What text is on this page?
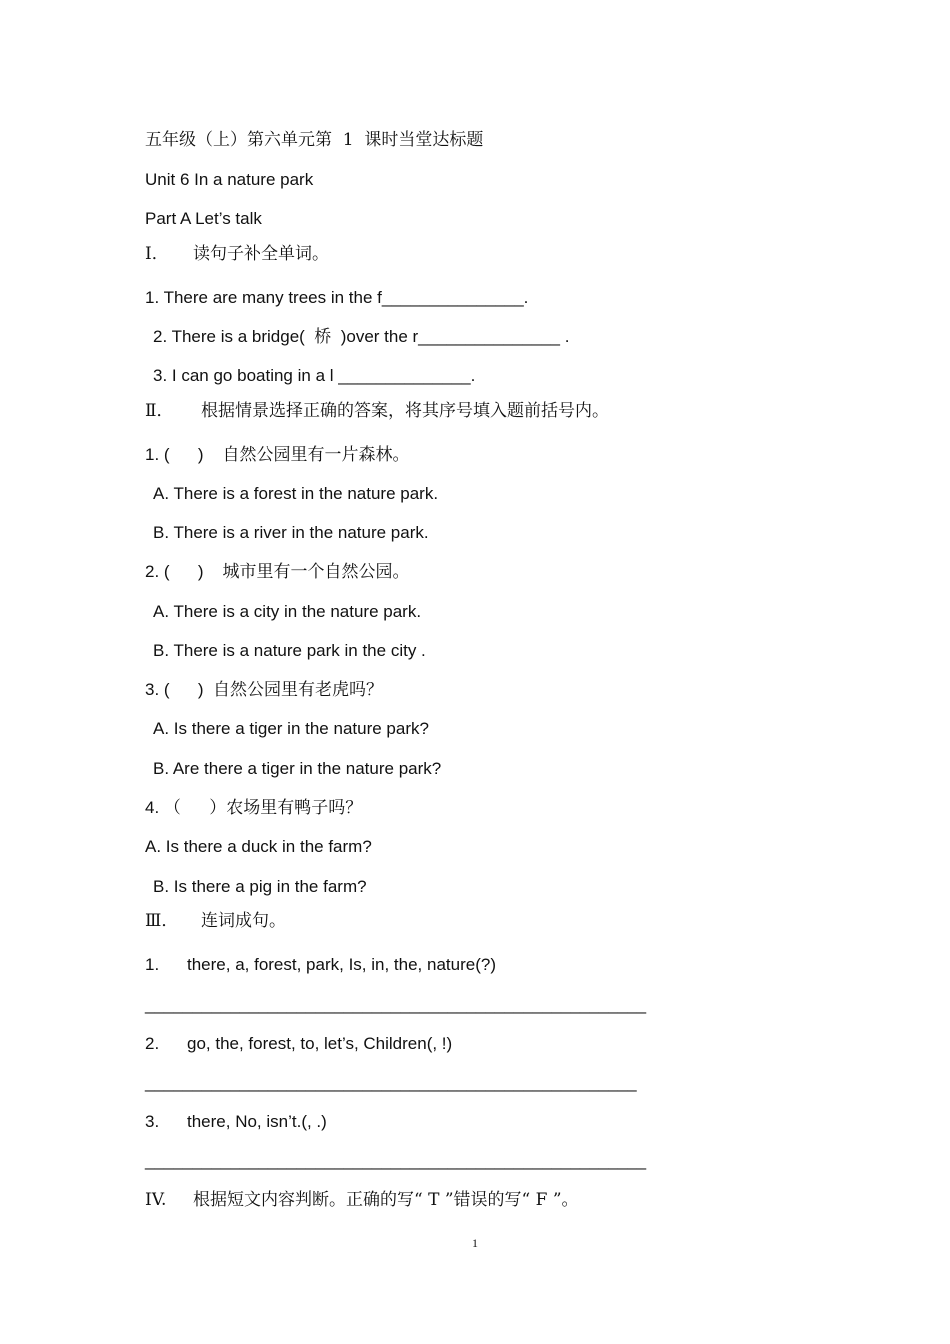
五年级（上）第六单元第  1  课时当堂达标题
Unit 6 In a nature park
Part A Let’s talk
Ⅰ． 读句子补全单词。
1. There are many trees in the f_______________.
2. There is a bridge(  桥  )over the r_______________ .
3. I can go boating in a l ______________.
Ⅱ． 根据情景选择正确的答案，将其序号填入题前括号内。
1. (      )    自然公园里有一片森林。
A. There is a forest in the nature park.
B. There is a river in the nature park.
2. (      )    城市里有一个自然公园。
A. There is a city in the nature park.
B. There is a nature park in the city .
3. (      )  自然公园里有老虎吗？
A. Is there a tiger in the nature park?
B. Are there a tiger in the nature park?
4. （      ）农场里有鸭子吗？
A. Is there a duck in the farm?
B. Is there a pig in the farm?
Ⅲ． 连词成句。
1. there, a, forest, park, Is, in, the, nature(?)
_____________________________________________________
2. go, the, forest, to, let’s, Children(, !)
____________________________________________________
3. there, No, isn’t.(, .)
_____________________________________________________
IV. 根据短文内容判断。正确的写“ T ”错误的写“ F ”。
1
